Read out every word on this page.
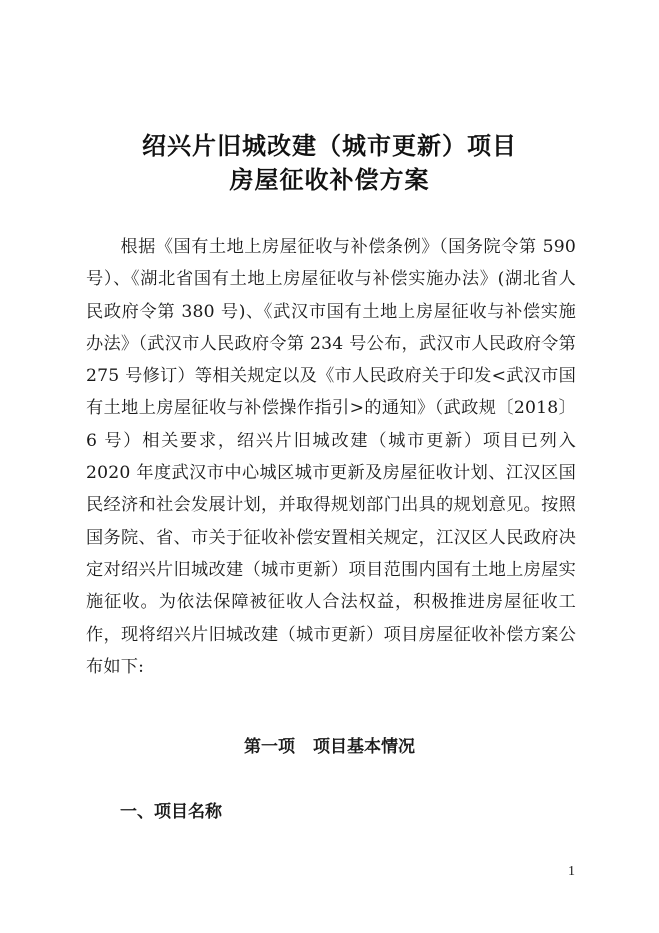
绍兴片旧城改建（城市更新）项目
房屋征收补偿方案

根据《国有土地上房屋征收与补偿条例》（国务院令第 590 号）、《湖北省国有土地上房屋征收与补偿实施办法》(湖北省人民政府令第 380 号)、《武汉市国有土地上房屋征收与补偿实施办法》（武汉市人民政府令第 234 号公布，武汉市人民政府令第 275 号修订）等相关规定以及《市人民政府关于印发<武汉市国有土地上房屋征收与补偿操作指引>的通知》（武政规〔2018〕6 号）相关要求，绍兴片旧城改建（城市更新）项目已列入 2020 年度武汉市中心城区城市更新及房屋征收计划、江汉区国民经济和社会发展计划，并取得规划部门出具的规划意见。按照国务院、省、市关于征收补偿安置相关规定，江汉区人民政府决定对绍兴片旧城改建（城市更新）项目范围内国有土地上房屋实施征收。为依法保障被征收人合法权益，积极推进房屋征收工作，现将绍兴片旧城改建（城市更新）项目房屋征收补偿方案公布如下:

第一项 项目基本情况
一、项目名称
1
